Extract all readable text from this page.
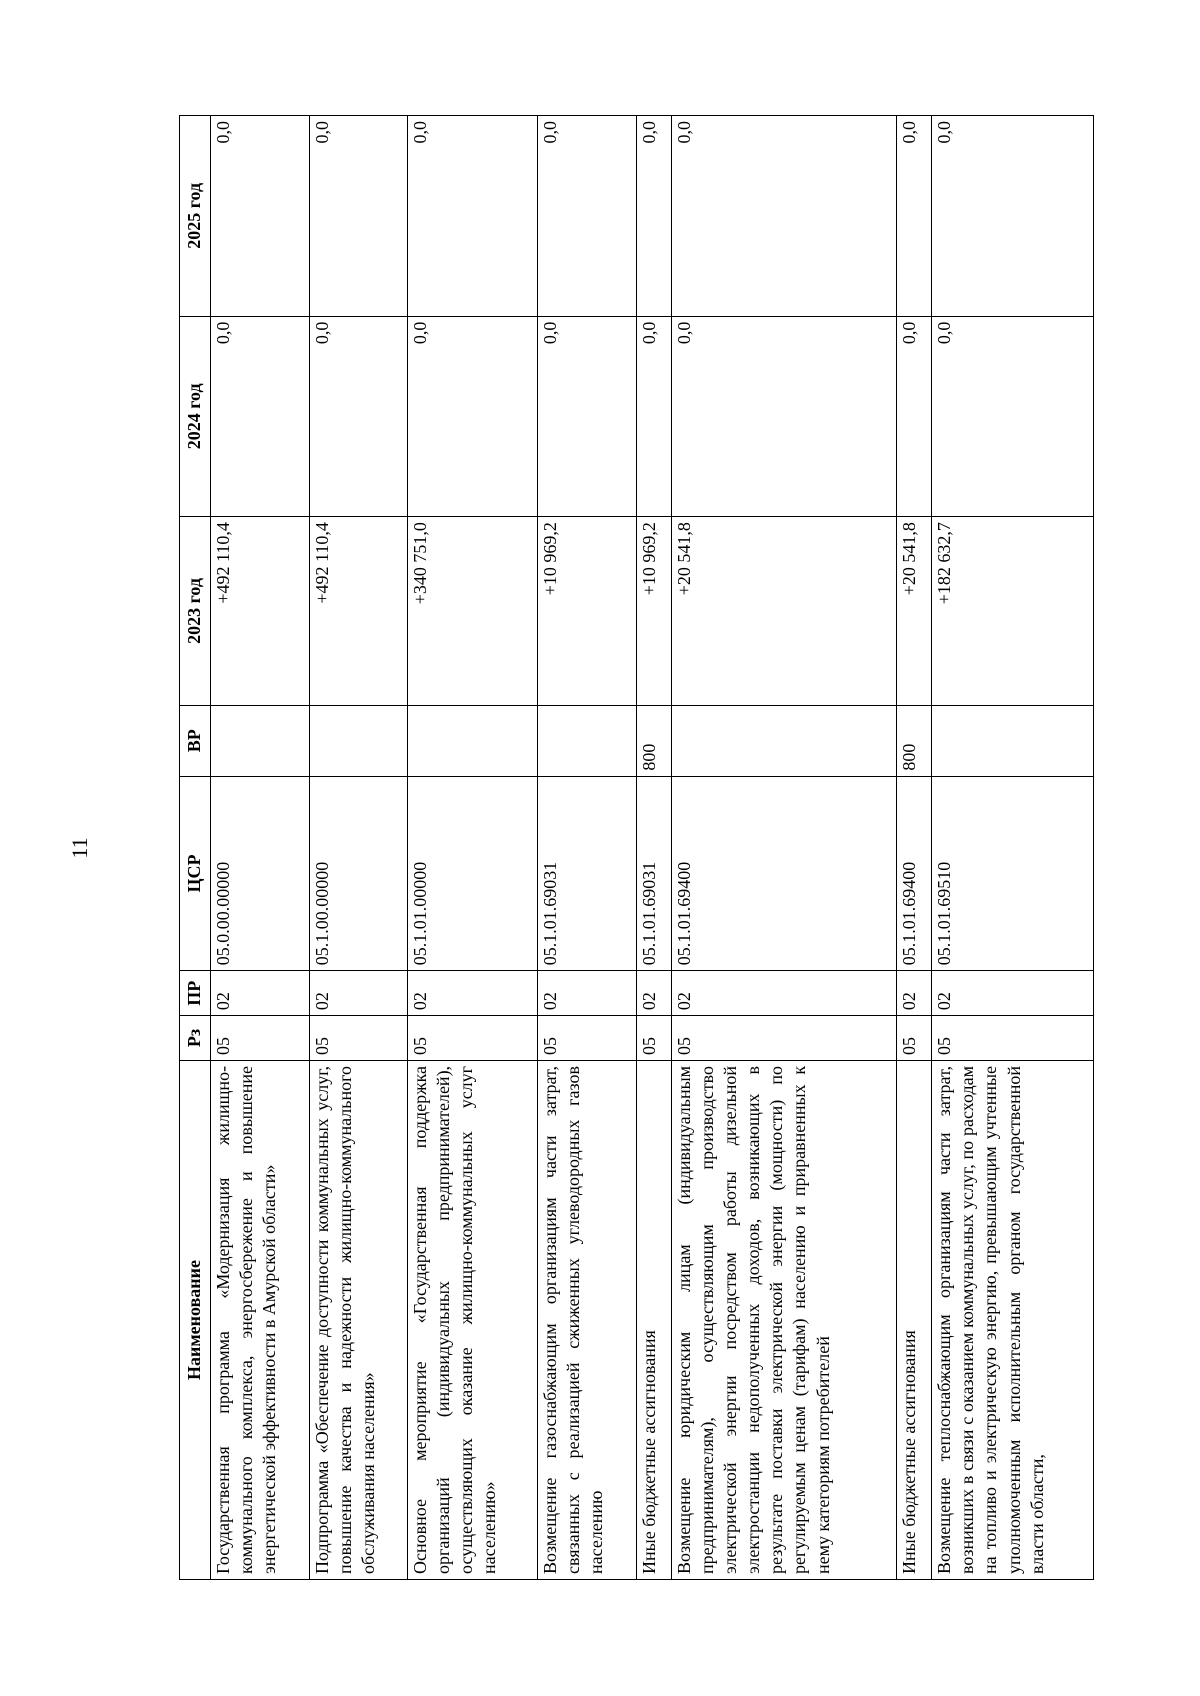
11
Наименование	Рз	ПР	ЦСР	ВР	2023 год	2024 год	2025 год
Государственная программа «Модернизация жилищно-коммунального комплекса, энергосбережение и повышение энергетической эффективности в Амурской области»	05	02	05.0.00.00000		+492 110,4	0,0	0,0
Подпрограмма «Обеспечение доступности коммунальных услуг, повышение качества и надежности жилищно-коммунального обслуживания населения»	05	02	05.1.00.00000		+492 110,4	0,0	0,0
Основное мероприятие «Государственная поддержка организаций (индивидуальных предпринимателей), осуществляющих оказание жилищно-коммунальных услуг населению»	05	02	05.1.01.00000		+340 751,0	0,0	0,0
Возмещение газоснабжающим организациям части затрат, связанных с реализацией сжиженных углеводородных газов населению	05	02	05.1.01.69031		+10 969,2	0,0	0,0
Иные бюджетные ассигнования	05	02	05.1.01.69031	800	+10 969,2	0,0	0,0
Возмещение юридическим лицам (индивидуальным предпринимателям), осуществляющим производство электрической энергии посредством работы дизельной электростанции недополученных доходов, возникающих в результате поставки электрической энергии (мощности) по регулируемым ценам (тарифам) населению и приравненных к нему категориям потребителей	05	02	05.1.01.69400		+20 541,8	0,0	0,0
Иные бюджетные ассигнования	05	02	05.1.01.69400	800	+20 541,8	0,0	0,0
Возмещение теплоснабжающим организациям части затрат, возникших в связи с оказанием коммунальных услуг, по расходам на топливо и электрическую энергию, превышающим учтенные уполномоченным исполнительным органом государственной власти области,	05	02	05.1.01.69510		+182 632,7	0,0	0,0
